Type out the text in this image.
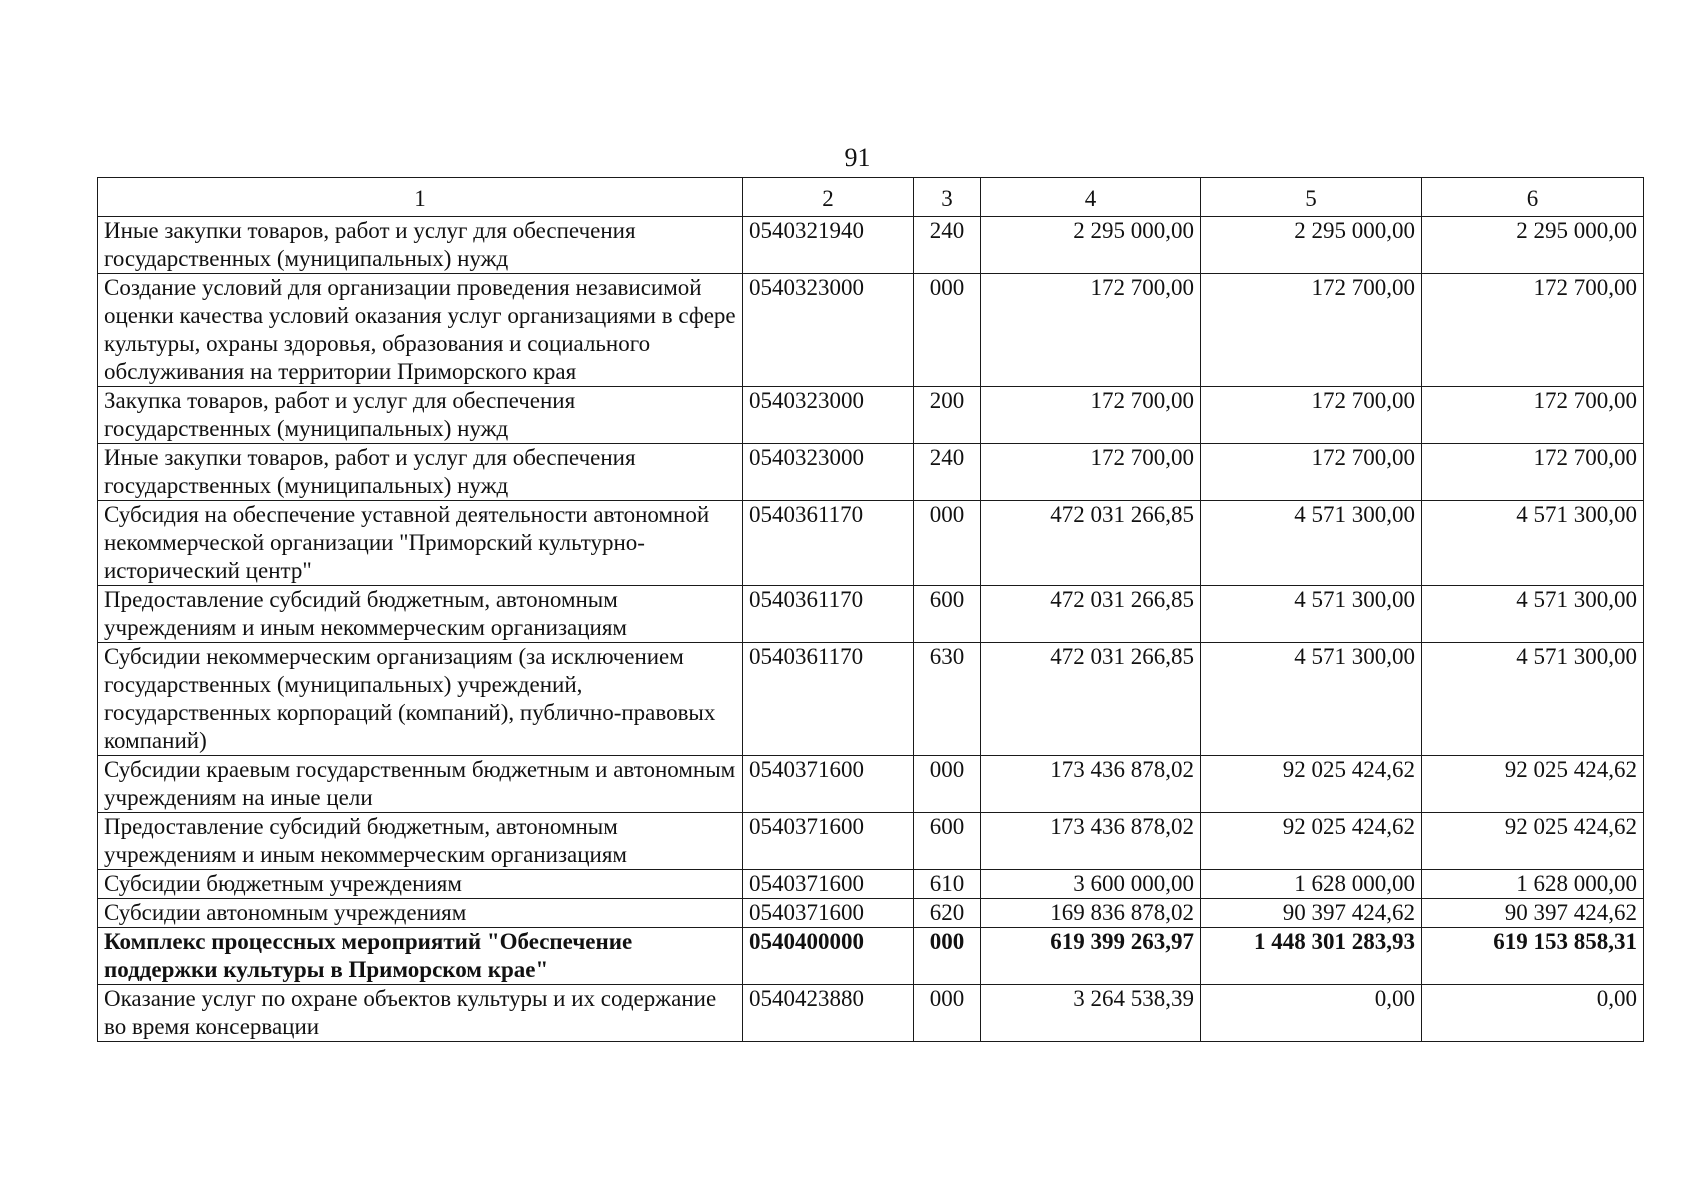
91
1	2	3	4	5	6
Иные закупки товаров, работ и услуг для обеспечения государственных (муниципальных) нужд	0540321940	240	2 295 000,00	2 295 000,00	2 295 000,00
Создание условий для организации проведения независимой оценки качества условий оказания услуг организациями в сфере культуры, охраны здоровья, образования и социального обслуживания на территории Приморского края	0540323000	000	172 700,00	172 700,00	172 700,00
Закупка товаров, работ и услуг для обеспечения государственных (муниципальных) нужд	0540323000	200	172 700,00	172 700,00	172 700,00
Иные закупки товаров, работ и услуг для обеспечения государственных (муниципальных) нужд	0540323000	240	172 700,00	172 700,00	172 700,00
Субсидия на обеспечение уставной деятельности автономной некоммерческой организации "Приморский культурно-исторический центр"	0540361170	000	472 031 266,85	4 571 300,00	4 571 300,00
Предоставление субсидий бюджетным, автономным учреждениям и иным некоммерческим организациям	0540361170	600	472 031 266,85	4 571 300,00	4 571 300,00
Субсидии некоммерческим организациям (за исключением государственных (муниципальных) учреждений, государственных корпораций (компаний), публично-правовых компаний)	0540361170	630	472 031 266,85	4 571 300,00	4 571 300,00
Субсидии краевым государственным бюджетным и автономным учреждениям на иные цели	0540371600	000	173 436 878,02	92 025 424,62	92 025 424,62
Предоставление субсидий бюджетным, автономным учреждениям и иным некоммерческим организациям	0540371600	600	173 436 878,02	92 025 424,62	92 025 424,62
Субсидии бюджетным учреждениям	0540371600	610	3 600 000,00	1 628 000,00	1 628 000,00
Субсидии автономным учреждениям	0540371600	620	169 836 878,02	90 397 424,62	90 397 424,62
Комплекс процессных мероприятий "Обеспечение поддержки культуры в Приморском крае"	0540400000	000	619 399 263,97	1 448 301 283,93	619 153 858,31
Оказание услуг по охране объектов культуры и их содержание во время консервации	0540423880	000	3 264 538,39	0,00	0,00
